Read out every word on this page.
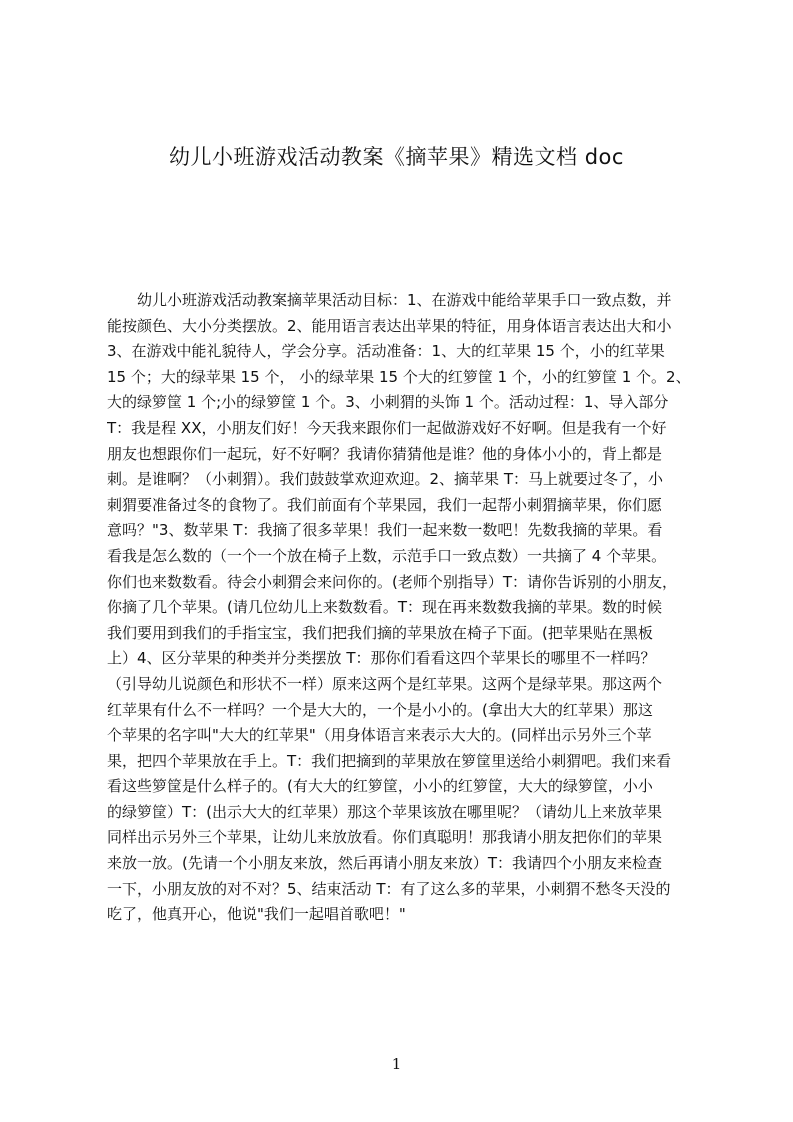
幼儿小班游戏活动教案《摘苹果》精选文档 doc
　　幼儿小班游戏活动教案摘苹果活动目标：1、在游戏中能给苹果手口一致点数，并
能按颜色、大小分类摆放。2、能用语言表达出苹果的特征，用身体语言表达出大和小
3、在游戏中能礼貌待人，学会分享。活动准备：1、大的红苹果 15 个，小的红苹果
15 个；大的绿苹果 15 个， 小的绿苹果 15 个大的红箩筐 1 个，小的红箩筐 1 个。2、
大的绿箩筐 1 个;小的绿箩筐 1 个。3、小刺猬的头饰 1 个。活动过程：1、导入部分
T：我是程 XX，小朋友们好！今天我来跟你们一起做游戏好不好啊。但是我有一个好
朋友也想跟你们一起玩，好不好啊？我请你猜猜他是谁？他的身体小小的，背上都是
刺。是谁啊？（小刺猬）。我们鼓鼓掌欢迎欢迎。2、摘苹果 T：马上就要过冬了，小
刺猬要准备过冬的食物了。我们前面有个苹果园，我们一起帮小刺猬摘苹果，你们愿
意吗？"3、数苹果 T：我摘了很多苹果！我们一起来数一数吧！先数我摘的苹果。看
看我是怎么数的（一个一个放在椅子上数，示范手口一致点数）一共摘了 4 个苹果。
你们也来数数看。待会小刺猬会来问你的。(老师个别指导）T：请你告诉别的小朋友，
你摘了几个苹果。(请几位幼儿上来数数看。T：现在再来数数我摘的苹果。数的时候
我们要用到我们的手指宝宝，我们把我们摘的苹果放在椅子下面。(把苹果贴在黑板
上）4、区分苹果的种类并分类摆放 T：那你们看看这四个苹果长的哪里不一样吗？
（引导幼儿说颜色和形状不一样）原来这两个是红苹果。这两个是绿苹果。那这两个
红苹果有什么不一样吗？一个是大大的，一个是小小的。(拿出大大的红苹果）那这
个苹果的名字叫"大大的红苹果"（用身体语言来表示大大的。(同样出示另外三个苹
果，把四个苹果放在手上。T：我们把摘到的苹果放在箩筐里送给小刺猬吧。我们来看
看这些箩筐是什么样子的。(有大大的红箩筐，小小的红箩筐，大大的绿箩筐，小小
的绿箩筐）T：(出示大大的红苹果）那这个苹果该放在哪里呢？（请幼儿上来放苹果
同样出示另外三个苹果，让幼儿来放放看。你们真聪明！那我请小朋友把你们的苹果
来放一放。(先请一个小朋友来放，然后再请小朋友来放）T：我请四个小朋友来检查
一下，小朋友放的对不对？5、结束活动 T：有了这么多的苹果，小刺猬不愁冬天没的
吃了，他真开心，他说"我们一起唱首歌吧！"
1
